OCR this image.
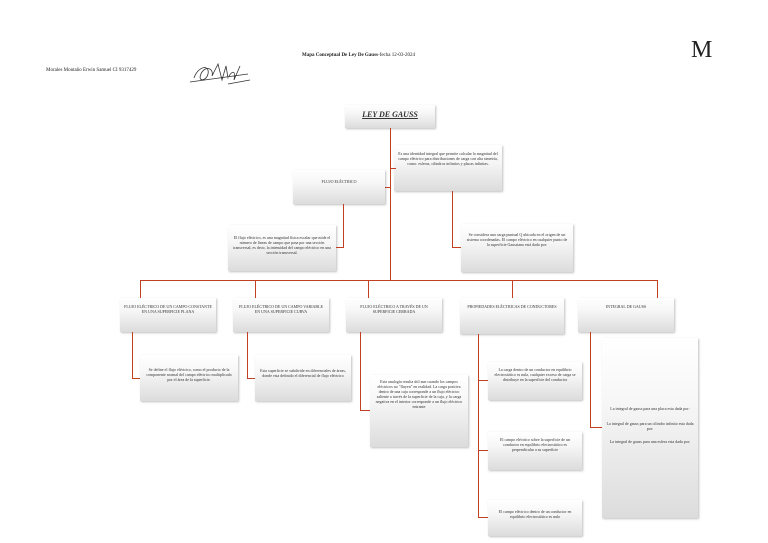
Morales Montaño Erwin Samuel CI 9317429
Mapa Conceptual De Ley De Gauss-fecha 12-03-2024	M
LEY DE GAUSS
Es una identidad integral que permite calcular la magnitud del campo eléctrico para distribuciones de carga con alta simetría, como: esferas, cilindros infinitos y placas infinitas.
FLUJO ELÉCTRICO
El flujo eléctrico, es una magnitud física escalar que mide el número de líneas de campo que pasa por una sección transversal, es decir, la intensidad del campo eléctrico en una sección transversal.
Se considera una carga puntual Q ubicada en el origen de un sistema coordenadas. El campo eléctrico en cualquier punto de la superficie Gaussiana está dada por:
FLUJO ELÉCTRICO DE UN CAMPO CONSTANTE EN UNA SUPERFICIE PLANA
FLUJO ELÉCTRICO DE UN CAMPO VARIABLE EN UNA SUPERFICIE CURVA
FLUJO ELÉCTRICO A TRAVÉS DE UN SUPERFICIE CERRADA
PROPIEDADES ELÉCTRICAS DE CONDUCTORES	INTEGRAL DE GAUSS
Se define el flujo eléctrico, como el producto de la componente normal del campo eléctrico multiplicado por el área de la superficie.
Esta superficie se subdivide en diferenciales de áreas, donde esta definido el diferencial de flujo eléctrico
Esta analogía resulta útil aun cuando los campos eléctricos no "fluyen" en realidad. La carga positiva dentro de una caja corresponde a un flujo eléctrico saliente a través de la superficie de la caja, y la carga negativa en el interior corresponde a un flujo eléctrico entrante
La carga dentro de un conductor en equilibrio electrostático es nula, cualquier exceso de carga se distribuye en la superficie del conductor
El campo eléctrico sobre la superficie de un conductor en equilibrio electrostático es perpendicular a su superficie
El campo eléctrico dentro de un conductor en equilibrio electrostático es nulo
La integral de gauss para una placa esta dada por:
La integral de gauss para un cilindro infinito esta dada por:
La integral de gauss para una esfera esta dada por:
